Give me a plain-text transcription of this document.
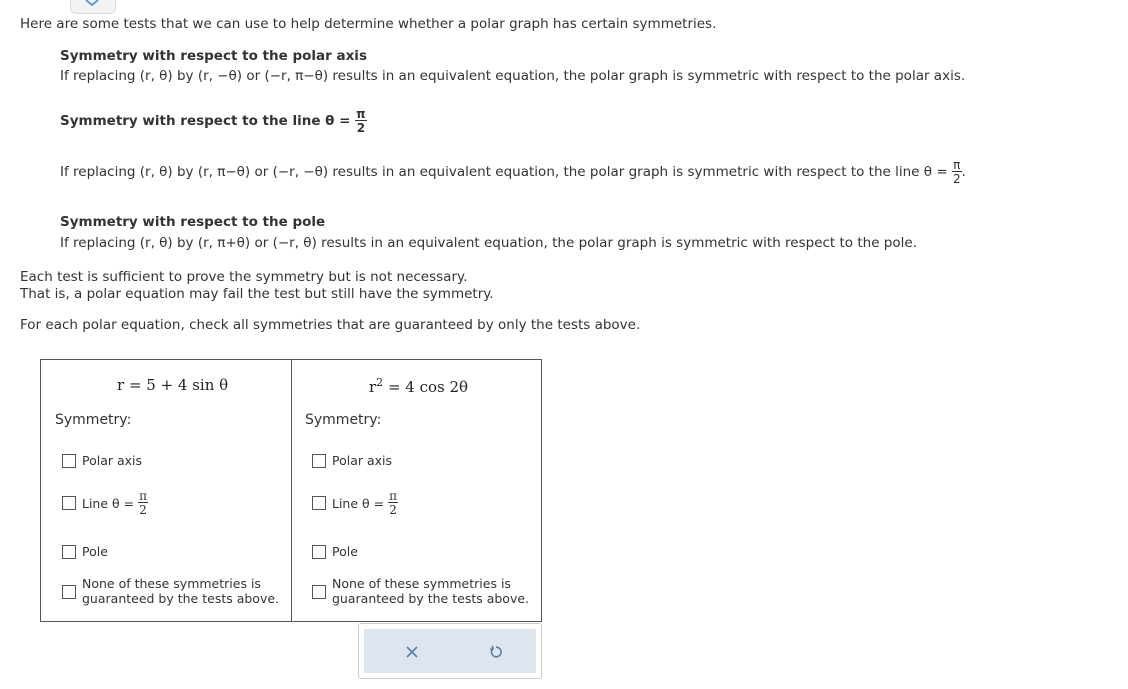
Here are some tests that we can use to help determine whether a polar graph has certain symmetries.
Symmetry with respect to the polar axis
If replacing (r, θ) by (r, −θ) or (−r, π−θ) results in an equivalent equation, the polar graph is symmetric with respect to the polar axis.
Symmetry with respect to the line θ =
$\frac{\pi}{2}$
If replacing (r, θ) by (r, π−θ) or (−r, −θ) results in an equivalent equation, the polar graph is symmetric with respect to the line θ =
$\frac{\pi}{2}$ .
Symmetry with respect to the pole
If replacing (r, θ) by (r, π+θ) or (−r, θ) results in an equivalent equation, the polar graph is symmetric with respect to the pole.
Each test is sufficient to prove the symmetry but is not necessary.
That is, a polar equation may fail the test but still have the symmetry.
For each polar equation, check all symmetries that are guaranteed by only the tests above.
r = 5 + 4 sin θ
Symmetry:
Polar axis
Line θ =
$\frac{\pi}{2}$
Pole
None of these symmetries is
guaranteed by the tests above.
$r^2 = 4$ cos 2θ
Symmetry:
Polar axis
Line θ =
$\frac{\pi}{2}$
Pole
None of these symmetries is
guaranteed by the tests above.
